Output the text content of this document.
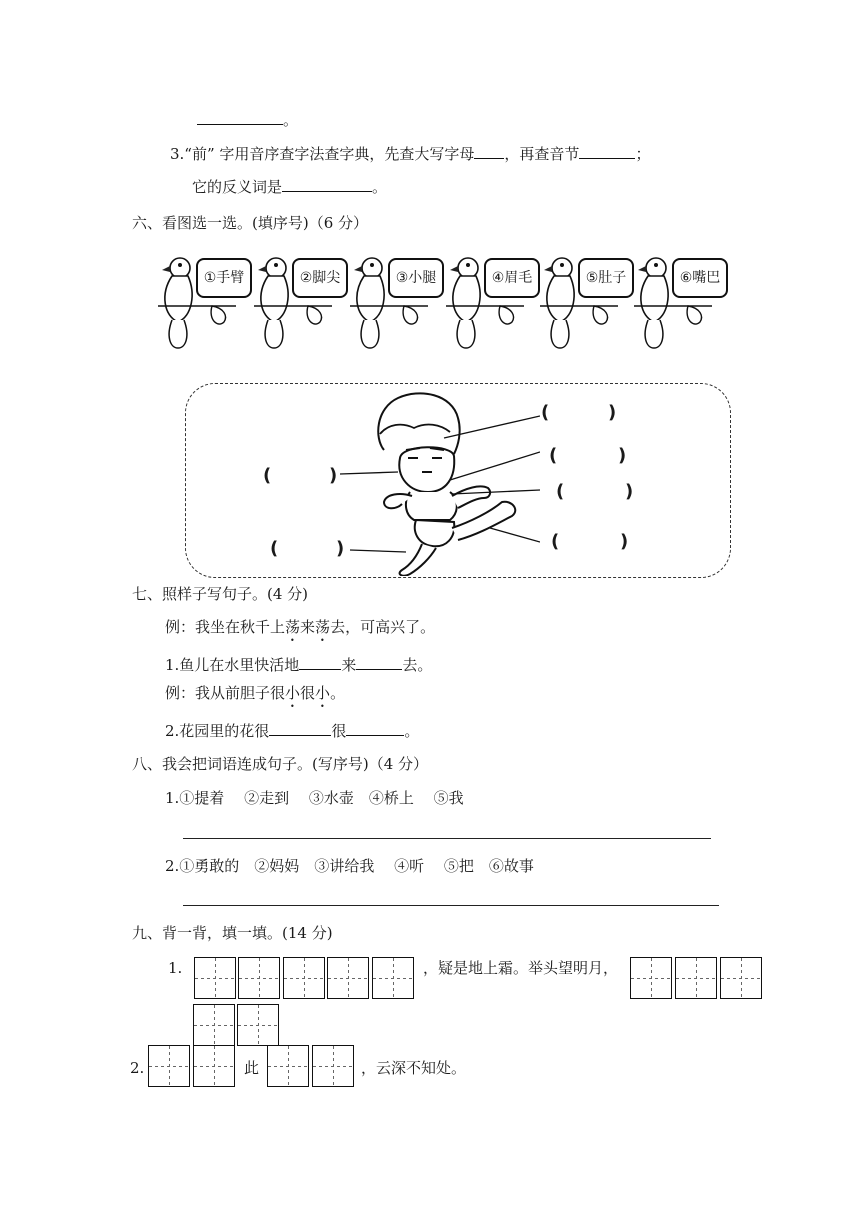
。
3.“前” 字用音序查字法查字典，先查大写字母 ，再查音节	；
它的反义词是	。
六、看图选一选。(填序号)（6 分）
①手臂	②脚尖	③小腿	④眉毛	⑤肚子	⑥嘴巴
(	)
(	)
(	)
(	)
(	)
(	)
七、照样子写句子。(4 分)
例：我坐在秋千上荡来荡去，可高兴了。
1.鱼儿在水里快活地	来	去。
例：我从前胆子很小很小。
2.花园里的花很	很	。
八、我会把词语连成句子。(写序号)（4 分）
1.①提着　 ②走到　 ③水壶　④桥上　 ⑤我
2.①勇敢的　②妈妈　③讲给我　 ④听　 ⑤把　⑥故事
九、背一背，填一填。(14 分)
1.	，疑是地上霜。举头望明月，
2.	此	，云深不知处。
